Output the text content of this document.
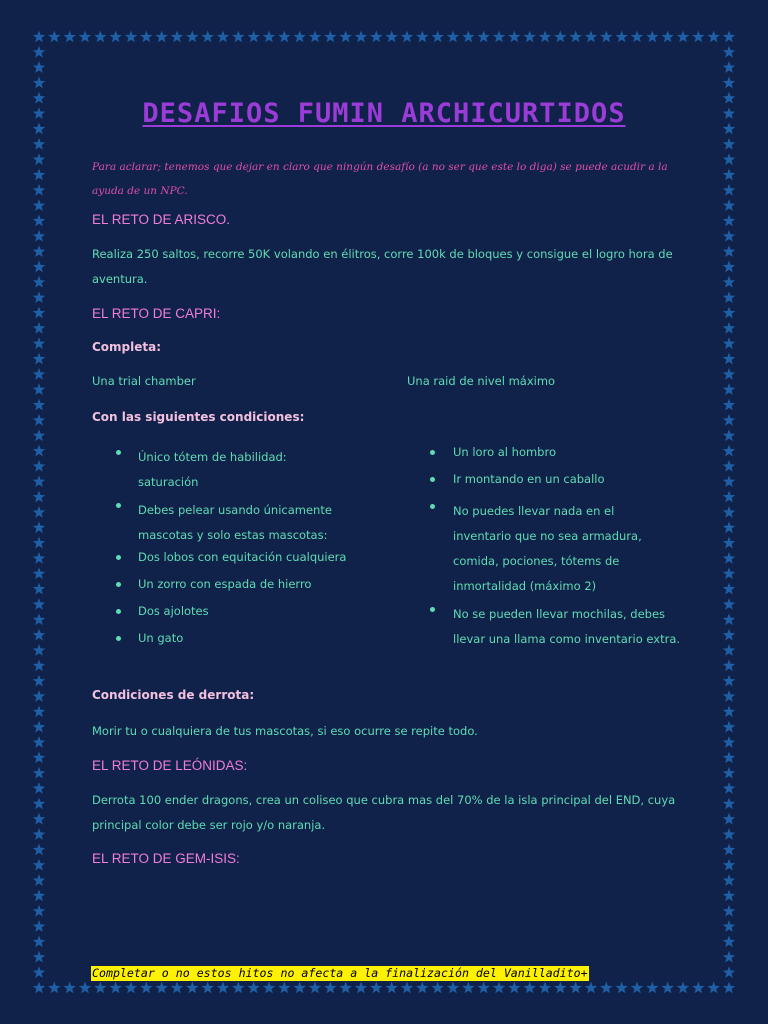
DESAFIOS FUMIN ARCHICURTIDOS
Para aclarar; tenemos que dejar en claro que ningún desafío (a no ser que este lo diga) se puede acudir a la ayuda de un NPC.
EL RETO DE ARISCO.
Realiza 250 saltos, recorre 50K volando en élitros, corre 100k de bloques y consigue el logro hora de aventura.
EL RETO DE CAPRI:
Completa:
Una trial chamber	Una raid de nivel máximo
Con las siguientes condiciones:
Único tótem de habilidad: saturación
Debes pelear usando únicamente mascotas y solo estas mascotas:
Dos lobos con equitación cualquiera
Un zorro con espada de hierro
Dos ajolotes
Un gato
Un loro al hombro
Ir montando en un caballo
No puedes llevar nada en el inventario que no sea armadura, comida, pociones, tótems de inmortalidad (máximo 2)
No se pueden llevar mochilas, debes llevar una llama como inventario extra.
Condiciones de derrota:
Morir tu o cualquiera de tus mascotas, si eso ocurre se repite todo.
EL RETO DE LEÓNIDAS:
Derrota 100 ender dragons, crea un coliseo que cubra mas del 70% de la isla principal del END, cuya principal color debe ser rojo y/o naranja.
EL RETO DE GEM-ISIS:
Completar o no estos hitos no afecta a la finalización del Vanilladito+
